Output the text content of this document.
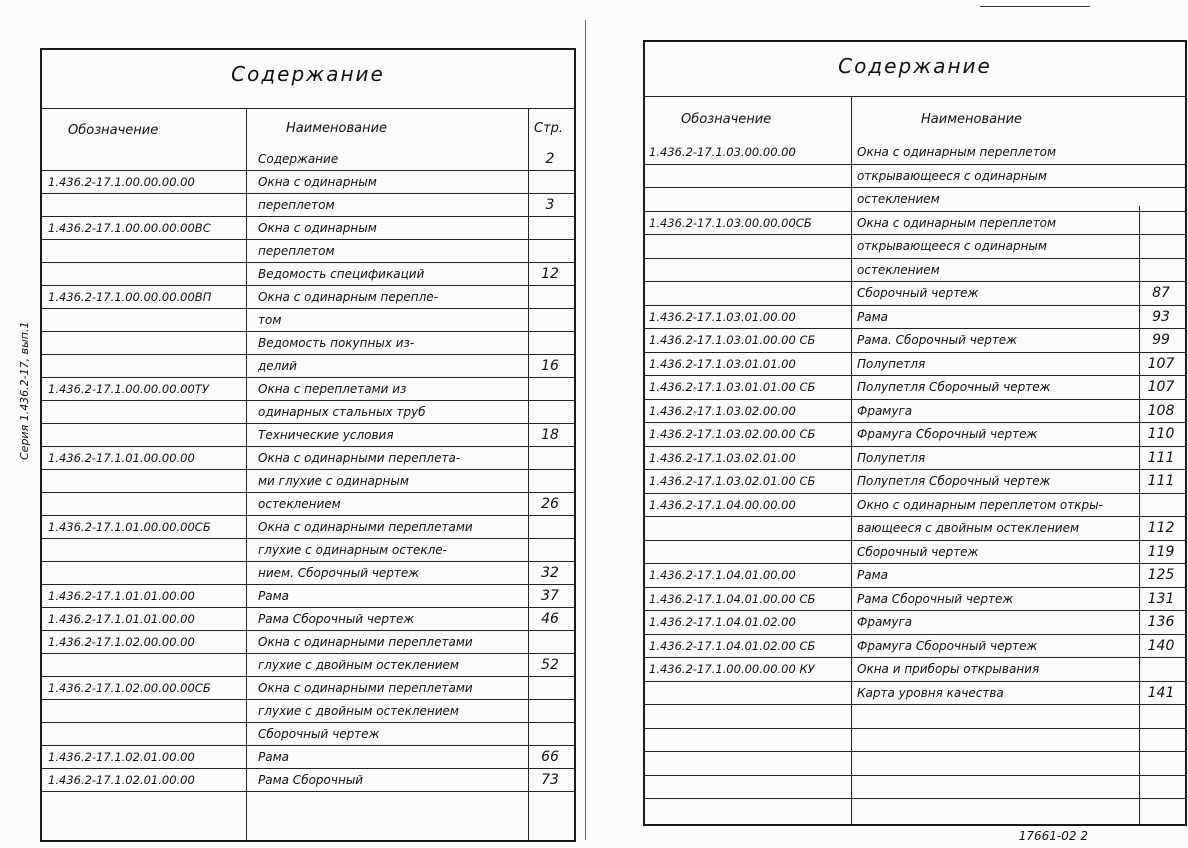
Серия 1.436.2-17, вып.1
Содержание
Обозначение	Наименование	Стр.
Содержание	2
1.436.2-17.1.00.00.00.00	Окна с одинарным
переплетом	3
1.436.2-17.1.00.00.00.00ВС	Окна с одинарным
переплетом
Ведомость спецификаций	12
1.436.2-17.1.00.00.00.00ВП	Окна с одинарным перепле-
том
Ведомость покупных из-
делий	16
1.436.2-17.1.00.00.00.00ТУ	Окна с переплетами из
одинарных стальных труб
Технические условия	18
1.436.2-17.1.01.00.00.00	Окна с одинарными переплета-
ми глухие с одинарным
остеклением	26
1.436.2-17.1.01.00.00.00СБ	Окна с одинарными переплетами
глухие с одинарным остекле-
нием. Сборочный чертеж	32
1.436.2-17.1.01.01.00.00	Рама	37
1.436.2-17.1.01.01.00.00	Рама Сборочный чертеж	46
1.436.2-17.1.02.00.00.00	Окна с одинарными переплетами
глухие с двойным остеклением	52
1.436.2-17.1.02.00.00.00СБ	Окна с одинарными переплетами
глухие с двойным остеклением
Сборочный чертеж
1.436.2-17.1.02.01.00.00	Рама	66
1.436.2-17.1.02.01.00.00	Рама Сборочный	73
Содержание
Обозначение	Наименование
1.436.2-17.1.03.00.00.00	Окна с одинарным переплетом
открывающееся с одинарным
остеклением
1.436.2-17.1.03.00.00.00СБ	Окна с одинарным переплетом
открывающееся с одинарным
остеклением
Сборочный чертеж	87
1.436.2-17.1.03.01.00.00	Рама	93
1.436.2-17.1.03.01.00.00 СБ	Рама. Сборочный чертеж	99
1.436.2-17.1.03.01.01.00	Полупетля	107
1.436.2-17.1.03.01.01.00 СБ	Полупетля Сборочный чертеж	107
1.436.2-17.1.03.02.00.00	Фрамуга	108
1.436.2-17.1.03.02.00.00 СБ	Фрамуга Сборочный чертеж	110
1.436.2-17.1.03.02.01.00	Полупетля	111
1.436.2-17.1.03.02.01.00 СБ	Полупетля Сборочный чертеж	111
1.436.2-17.1.04.00.00.00	Окно с одинарным переплетом откры-
вающееся с двойным остеклением	112
Сборочный чертеж	119
1.436.2-17.1.04.01.00.00	Рама	125
1.436.2-17.1.04.01.00.00 СБ	Рама Сборочный чертеж	131
1.436.2-17.1.04.01.02.00	Фрамуга	136
1.436.2-17.1.04.01.02.00 СБ	Фрамуга Сборочный чертеж	140
1.436.2-17.1.00.00.00.00 КУ	Окна и приборы открывания
Карта уровня качества	141
17661-02 2
